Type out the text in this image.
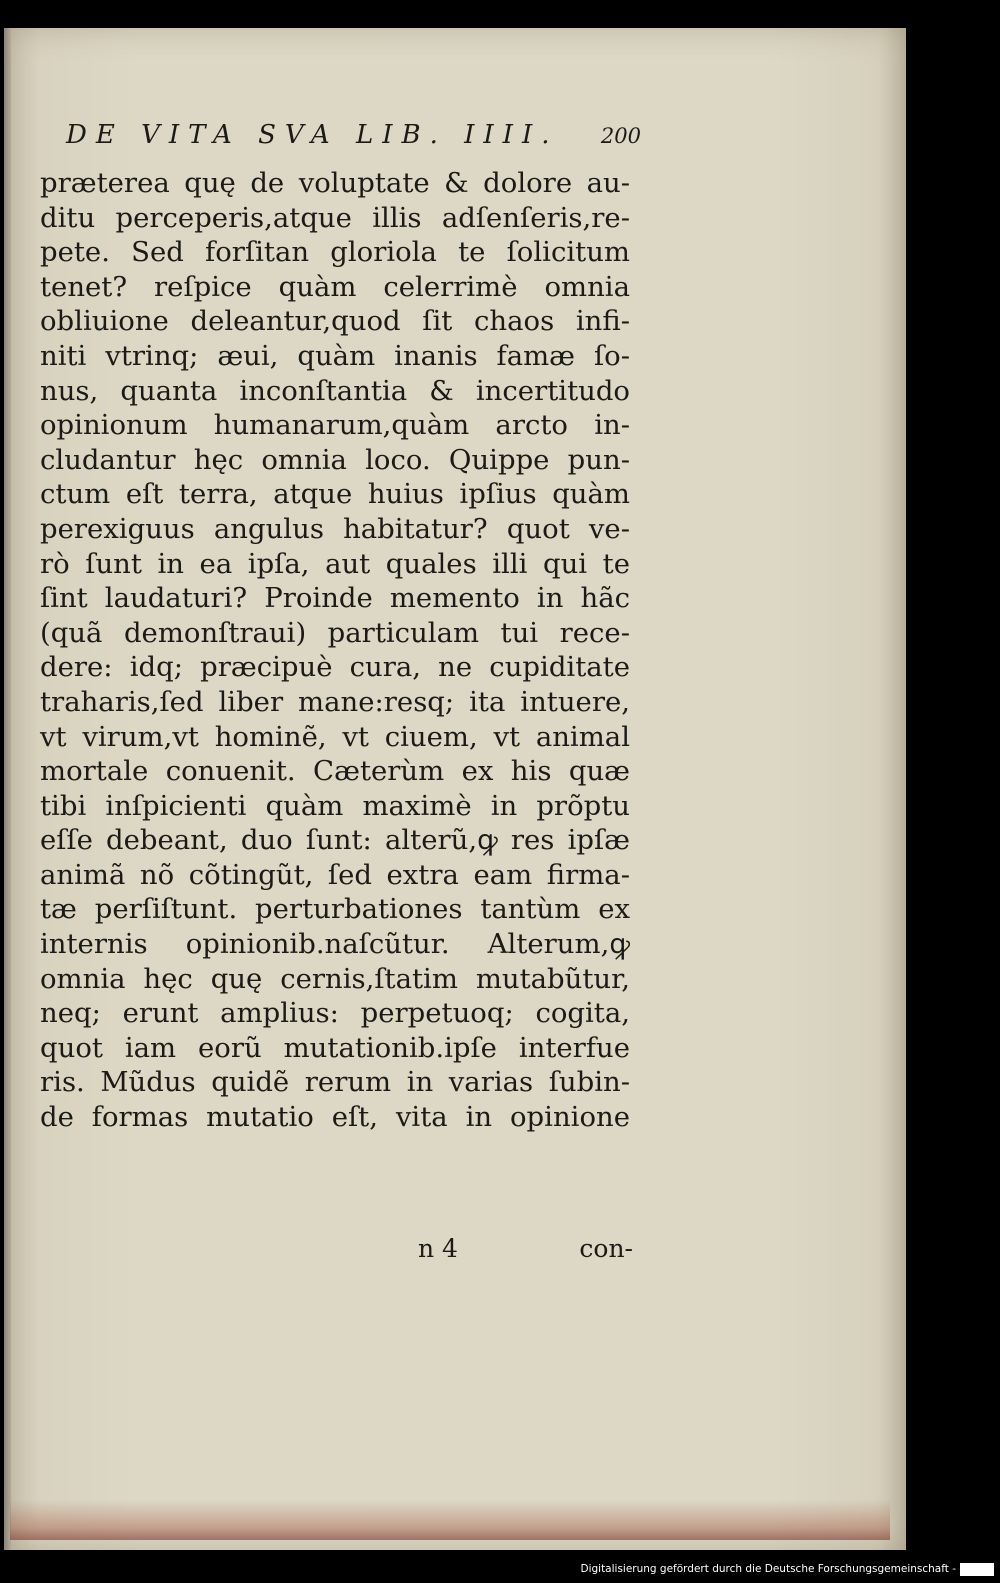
DE VITA SVA LIB. IIII. 200
præterea quę de voluptate & dolore au-
ditu perceperis,atque illis adſenſeris,re-
pete. Sed forſitan gloriola te ſolicitum
tenet? reſpice quàm celerrimè omnia
obliuione deleantur,quod ſit chaos infi-
niti vtrinq; æui, quàm inanis famæ ſo-
nus, quanta inconſtantia & incertitudo
opinionum humanarum,quàm arcto in-
cludantur hęc omnia loco. Quippe pun-
ctum eſt terra, atque huius ipſius quàm
perexiguus angulus habitatur? quot ve-
rò ſunt in ea ipſa, aut quales illi qui te
ſint laudaturi? Proinde memento in hãc
(quã demonſtraui) particulam tui rece-
dere: idq; præcipuè cura, ne cupiditate
traharis,ſed liber mane:resq; ita intuere,
vt virum,vt hominẽ, vt ciuem, vt animal
mortale conuenit. Cæterùm ex his quæ
tibi inſpicienti quàm maximè in prõptu
eſſe debeant, duo ſunt: alterũ,ꝙ res ipſæ
animã nõ cõtingũt, ſed extra eam firma-
tæ perſiſtunt. perturbationes tantùm ex
internis opinionib.naſcũtur. Alterum,ꝙ
omnia hęc quę cernis,ſtatim mutabũtur,
neq; erunt amplius: perpetuoq; cogita,
quot iam eorũ mutationib.ipſe interfue
ris. Mũdus quidẽ rerum in varias ſubin-
de formas mutatio eſt, vita in opinione
n 4	con-
Digitalisierung gefördert durch die Deutsche Forschungsgemeinschaft -
